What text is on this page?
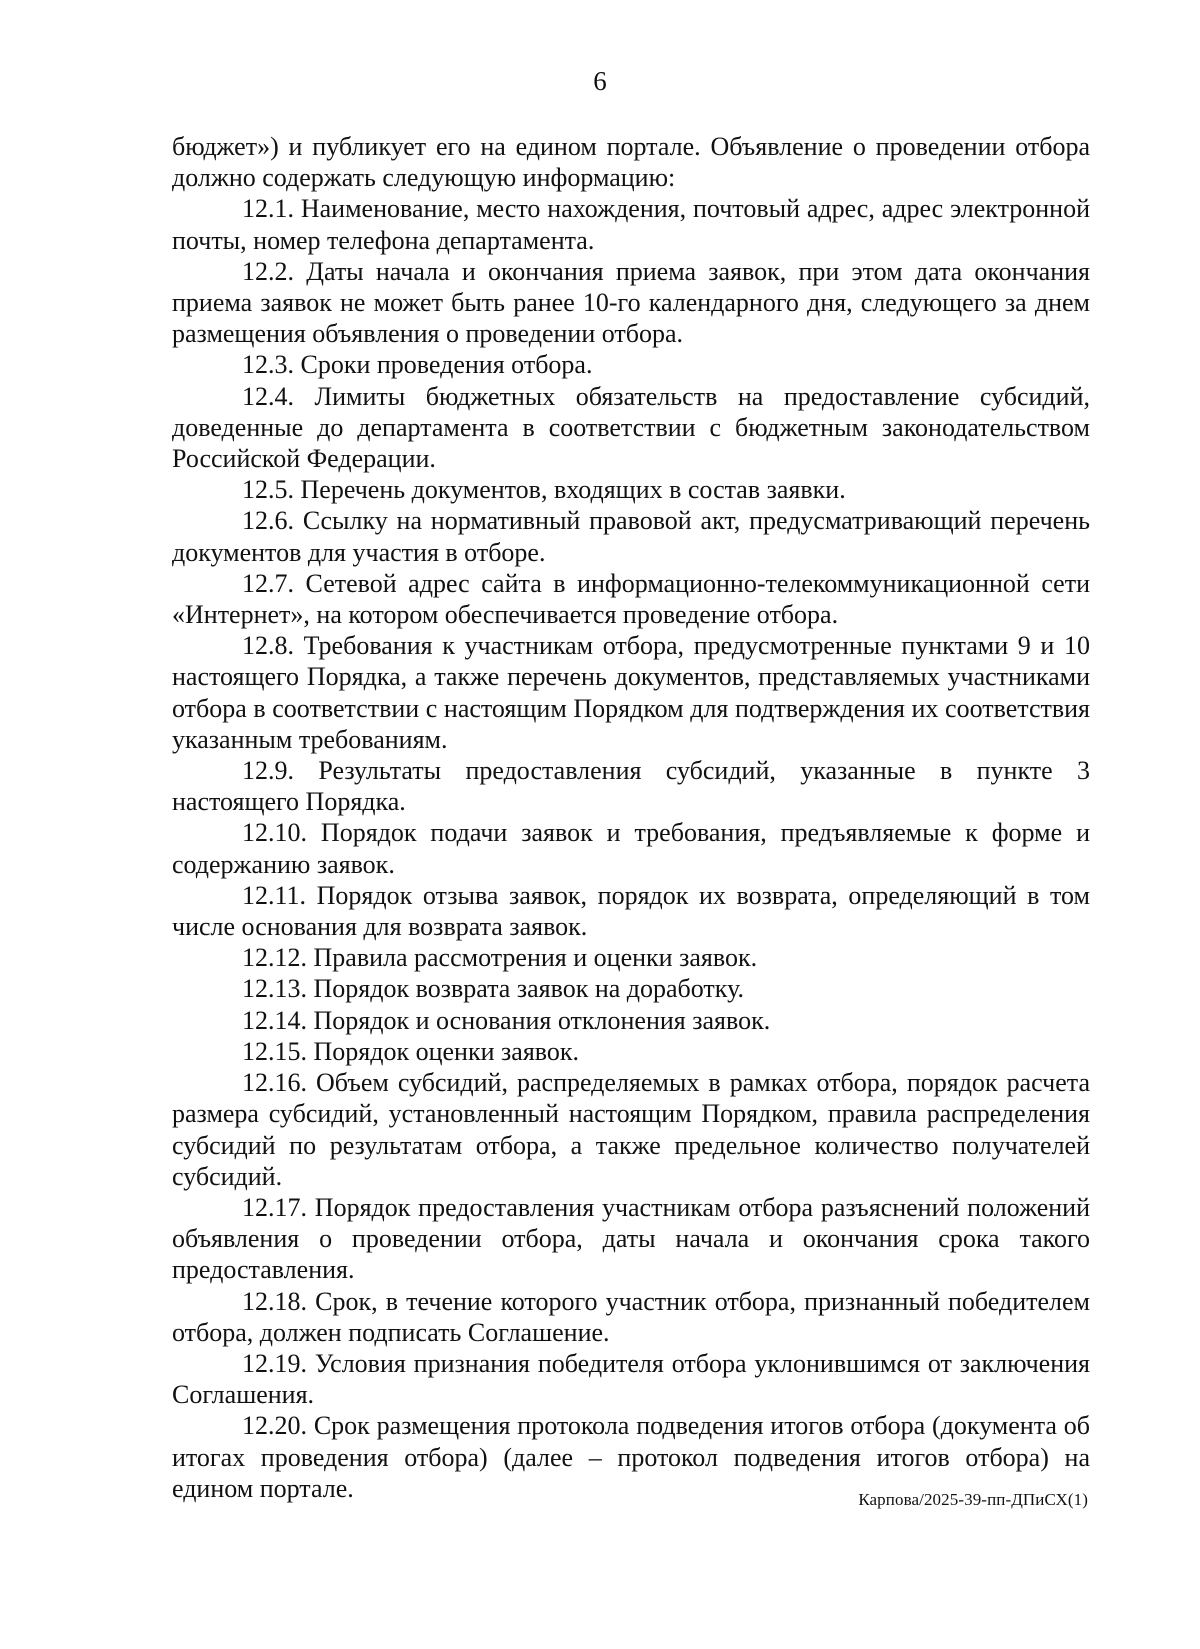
6

бюджет») и публикует его на едином портале. Объявление о проведении отбора должно содержать следующую информацию:

12.1. Наименование, место нахождения, почтовый адрес, адрес электронной почты, номер телефона департамента.

12.2. Даты начала и окончания приема заявок, при этом дата окончания приема заявок не может быть ранее 10-го календарного дня, следующего за днем размещения объявления о проведении отбора.

12.3. Сроки проведения отбора.

12.4. Лимиты бюджетных обязательств на предоставление субсидий, доведенные до департамента в соответствии с бюджетным законодательством Российской Федерации.

12.5. Перечень документов, входящих в состав заявки.

12.6. Ссылку на нормативный правовой акт, предусматривающий перечень документов для участия в отборе.

12.7. Сетевой адрес сайта в информационно-телекоммуникационной сети «Интернет», на котором обеспечивается проведение отбора.

12.8. Требования к участникам отбора, предусмотренные пунктами 9 и 10 настоящего Порядка, а также перечень документов, представляемых участниками отбора в соответствии с настоящим Порядком для подтверждения их соответствия указанным требованиям.

12.9. Результаты предоставления субсидий, указанные в пункте 3 настоящего Порядка.

12.10. Порядок подачи заявок и требования, предъявляемые к форме и содержанию заявок.

12.11. Порядок отзыва заявок, порядок их возврата, определяющий в том числе основания для возврата заявок.

12.12. Правила рассмотрения и оценки заявок.

12.13. Порядок возврата заявок на доработку.

12.14. Порядок и основания отклонения заявок.

12.15. Порядок оценки заявок.

12.16. Объем субсидий, распределяемых в рамках отбора, порядок расчета размера субсидий, установленный настоящим Порядком, правила распределения субсидий по результатам отбора, а также предельное количество получателей субсидий.

12.17. Порядок предоставления участникам отбора разъяснений положений объявления о проведении отбора, даты начала и окончания срока такого предоставления.

12.18. Срок, в течение которого участник отбора, признанный победителем отбора, должен подписать Соглашение.

12.19. Условия признания победителя отбора уклонившимся от заключения Соглашения.

12.20. Срок размещения протокола подведения итогов отбора (документа об итогах проведения отбора) (далее – протокол подведения итогов отбора) на едином портале.	Карпова/2025-39-пп-ДПиСХ(1)
